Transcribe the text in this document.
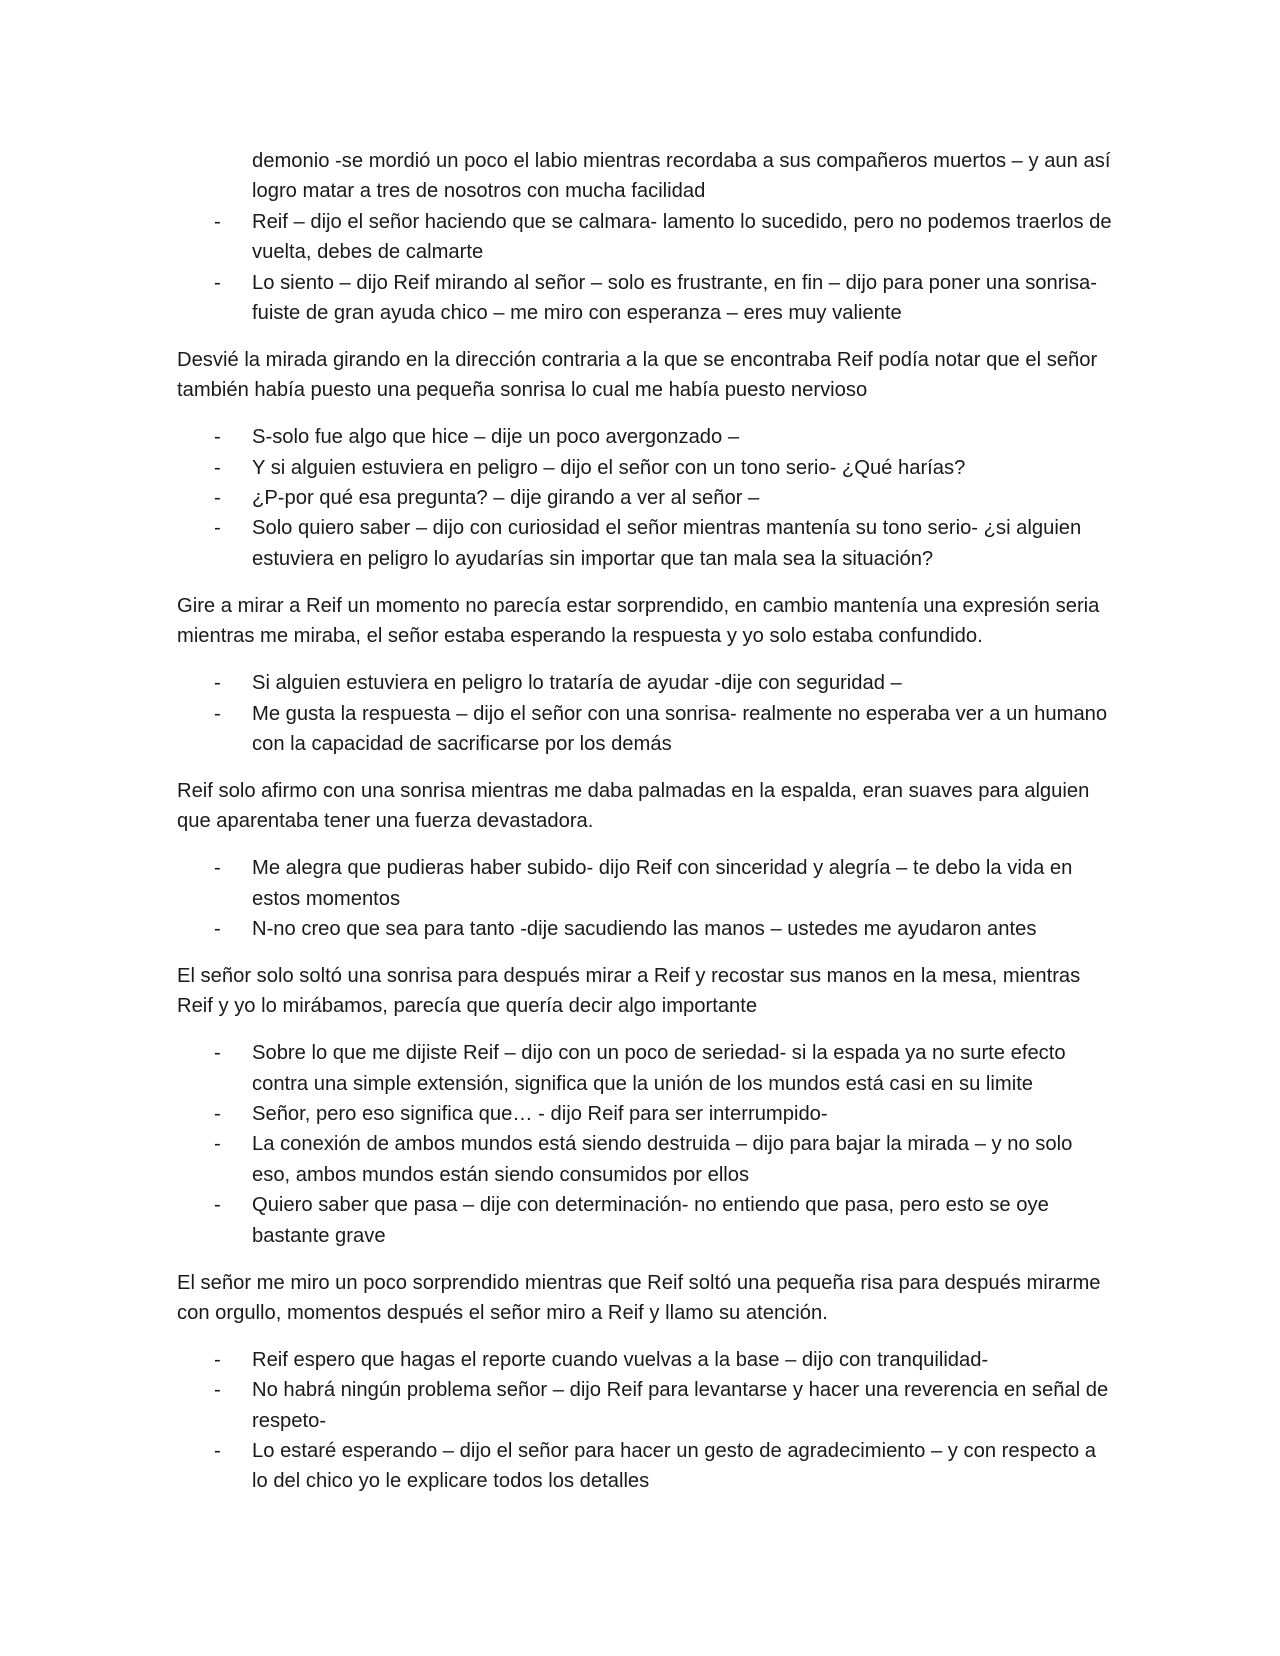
demonio -se mordió un poco el labio mientras recordaba a sus compañeros muertos – y aun así logro matar a tres de nosotros con mucha facilidad
- Reif – dijo el señor haciendo que se calmara- lamento lo sucedido, pero no podemos traerlos de vuelta, debes de calmarte
- Lo siento – dijo Reif mirando al señor – solo es frustrante, en fin – dijo para poner una sonrisa- fuiste de gran ayuda chico – me miro con esperanza – eres muy valiente

Desvié la mirada girando en la dirección contraria a la que se encontraba Reif podía notar que el señor también había puesto una pequeña sonrisa lo cual me había puesto nervioso

- S-solo fue algo que hice – dije un poco avergonzado –
- Y si alguien estuviera en peligro – dijo el señor con un tono serio- ¿Qué harías?
- ¿P-por qué esa pregunta? – dije girando a ver al señor –
- Solo quiero saber – dijo con curiosidad el señor mientras mantenía su tono serio- ¿si alguien estuviera en peligro lo ayudarías sin importar que tan mala sea la situación?

Gire a mirar a Reif un momento no parecía estar sorprendido, en cambio mantenía una expresión seria mientras me miraba, el señor estaba esperando la respuesta y yo solo estaba confundido.

- Si alguien estuviera en peligro lo trataría de ayudar -dije con seguridad –
- Me gusta la respuesta – dijo el señor con una sonrisa- realmente no esperaba ver a un humano con la capacidad de sacrificarse por los demás

Reif solo afirmo con una sonrisa mientras me daba palmadas en la espalda, eran suaves para alguien que aparentaba tener una fuerza devastadora.

- Me alegra que pudieras haber subido- dijo Reif con sinceridad y alegría – te debo la vida en estos momentos
- N-no creo que sea para tanto -dije sacudiendo las manos – ustedes me ayudaron antes

El señor solo soltó una sonrisa para después mirar a Reif y recostar sus manos en la mesa, mientras Reif y yo lo mirábamos, parecía que quería decir algo importante

- Sobre lo que me dijiste Reif – dijo con un poco de seriedad- si la espada ya no surte efecto contra una simple extensión, significa que la unión de los mundos está casi en su limite
- Señor, pero eso significa que… - dijo Reif para ser interrumpido-
- La conexión de ambos mundos está siendo destruida – dijo para bajar la mirada – y no solo eso, ambos mundos están siendo consumidos por ellos
- Quiero saber que pasa – dije con determinación- no entiendo que pasa, pero esto se oye bastante grave

El señor me miro un poco sorprendido mientras que Reif soltó una pequeña risa para después mirarme con orgullo, momentos después el señor miro a Reif y llamo su atención.

- Reif espero que hagas el reporte cuando vuelvas a la base – dijo con tranquilidad-
- No habrá ningún problema señor – dijo Reif para levantarse y hacer una reverencia en señal de respeto-
- Lo estaré esperando – dijo el señor para hacer un gesto de agradecimiento – y con respecto a lo del chico yo le explicare todos los detalles
